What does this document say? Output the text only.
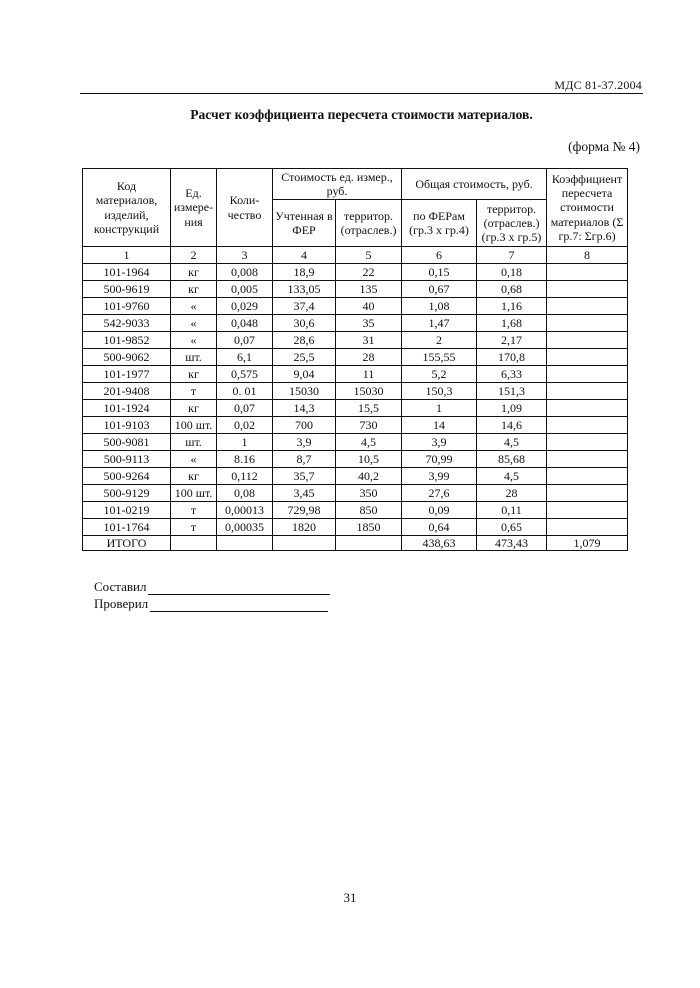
МДС 81-37.2004
Расчет коэффициента пересчета стоимости материалов.
(форма № 4)
Код материалов, изделий, конструкций	Ед. измере-ния	Коли-чество	Стоимость ед. измер., руб.		Общая стоимость, руб.		Коэффициент пересчета стоимости материалов (Σ гр.7: Σгр.6)
			Учтенная в ФЕР	территор. (отраслев.)	по ФЕРам (гр.3 х гр.4)	территор. (отраслев.) (гр.3 х гр.5)	
1	2	3	4	5	6	7	8
101-1964	кг	0,008	18,9	22	0,15	0,18	
500-9619	кг	0,005	133,05	135	0,67	0,68	
101-9760	«	0,029	37,4	40	1,08	1,16	
542-9033	«	0,048	30,6	35	1,47	1,68	
101-9852	«	0,07	28,6	31	2	2,17	
500-9062	шт.	6,1	25,5	28	155,55	170,8	
101-1977	кг	0,575	9,04	11	5,2	6,33	
201-9408	т	0. 01	15030	15030	150,3	151,3	
101-1924	кг	0,07	14,3	15,5	1	1,09	
101-9103	100 шт.	0,02	700	730	14	14,6	
500-9081	шт.	1	3,9	4,5	3,9	4,5	
500-9113	«	8.16	8,7	10,5	70,99	85,68	
500-9264	кг	0,112	35,7	40,2	3,99	4,5	
500-9129	100 шт.	0,08	3,45	350	27,6	28	
101-0219	т	0,00013	729,98	850	0,09	0,11	
101-1764	т	0,00035	1820	1850	0,64	0,65	
ИТОГО					438,63	473,43	1,079
Составил
Проверил
31
